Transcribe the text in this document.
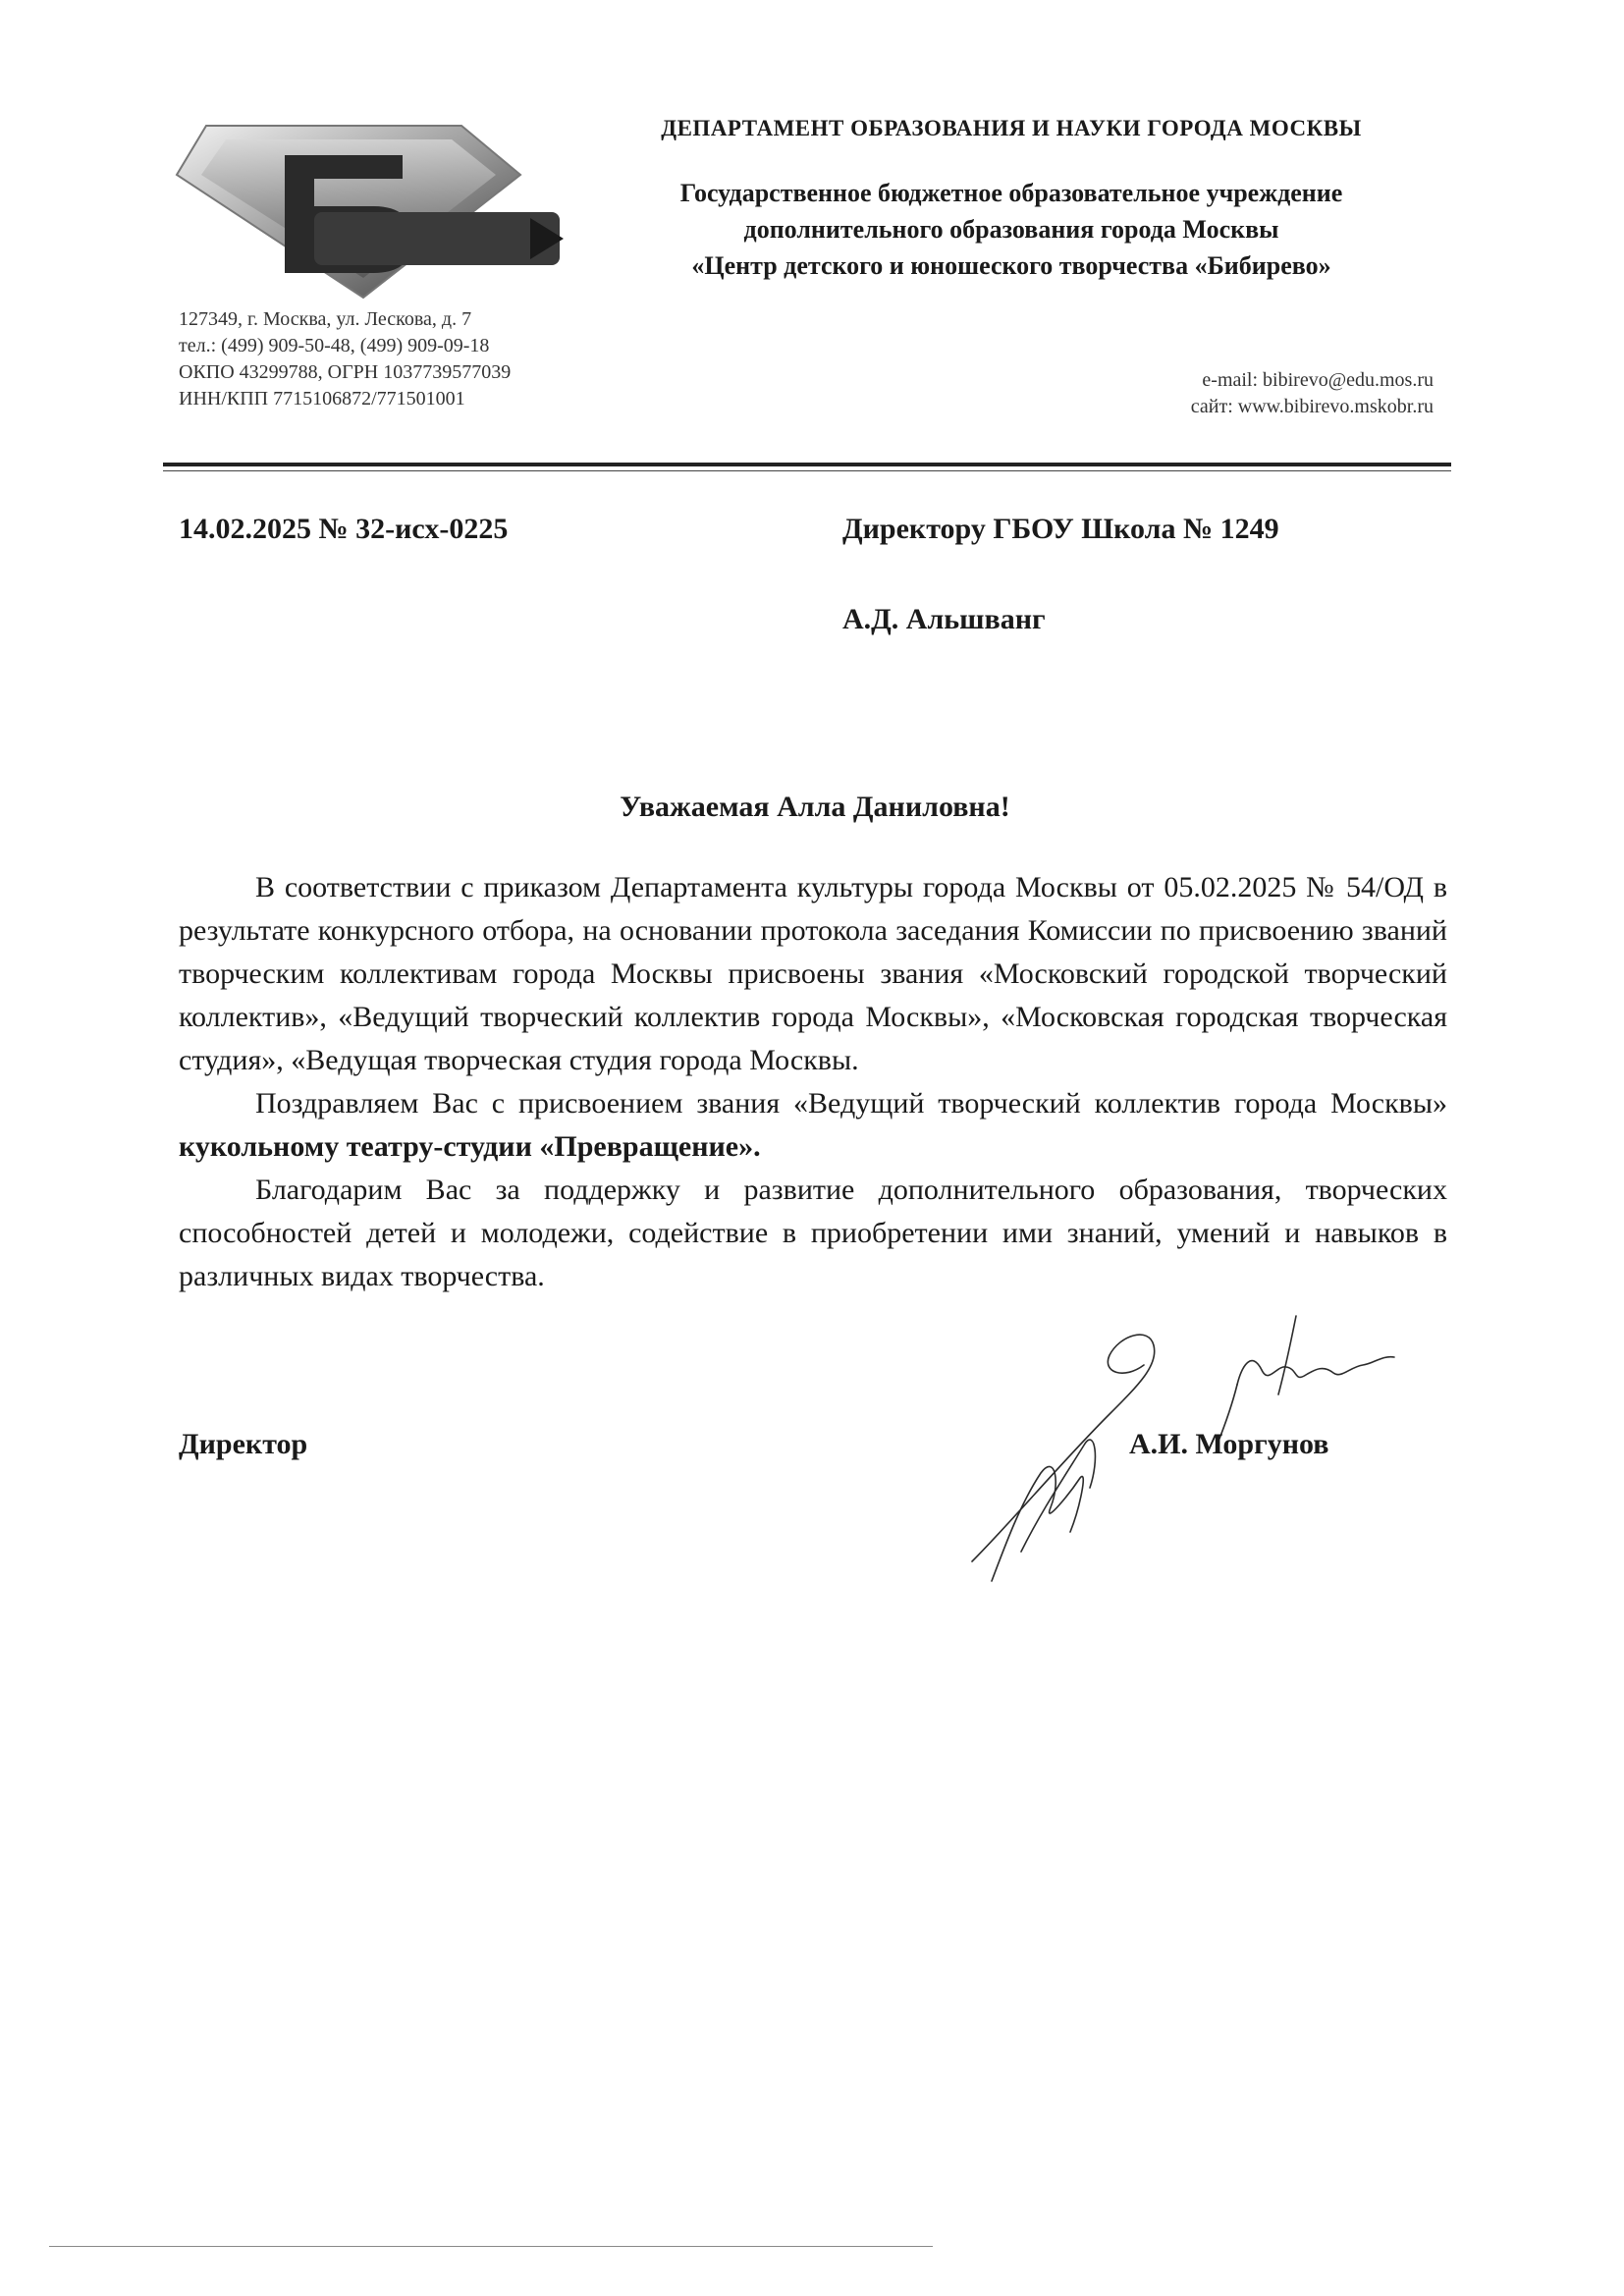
ДЕПАРТАМЕНТ ОБРАЗОВАНИЯ И НАУКИ ГОРОДА МОСКВЫ
Государственное бюджетное образовательное учреждение
дополнительного образования города Москвы
«Центр детского и юношеского творчества «Бибирево»
127349, г. Москва, ул. Лескова, д. 7
тел.: (499) 909-50-48, (499) 909-09-18
ОКПО 43299788, ОГРН 1037739577039
ИНН/КПП 7715106872/771501001
e-mail: bibirevo@edu.mos.ru
сайт: www.bibirevo.mskobr.ru
14.02.2025 № 32-исх-0225	Директору ГБОУ Школа № 1249
А.Д. Альшванг
Уважаемая Алла Даниловна!

В соответствии с приказом Департамента культуры города Москвы от 05.02.2025 № 54/ОД в результате конкурсного отбора, на основании протокола заседания Комиссии по присвоению званий творческим коллективам города Москвы присвоены звания «Московский городской творческий коллектив», «Ведущий творческий коллектив города Москвы», «Московская городская творческая студия», «Ведущая творческая студия города Москвы.

Поздравляем Вас с присвоением звания «Ведущий творческий коллектив города Москвы» кукольному театру-студии «Превращение».

Благодарим Вас за поддержку и развитие дополнительного образования, творческих способностей детей и молодежи, содействие в приобретении ими знаний, умений и навыков в различных видах творчества.

Директор	А.И. Моргунов
